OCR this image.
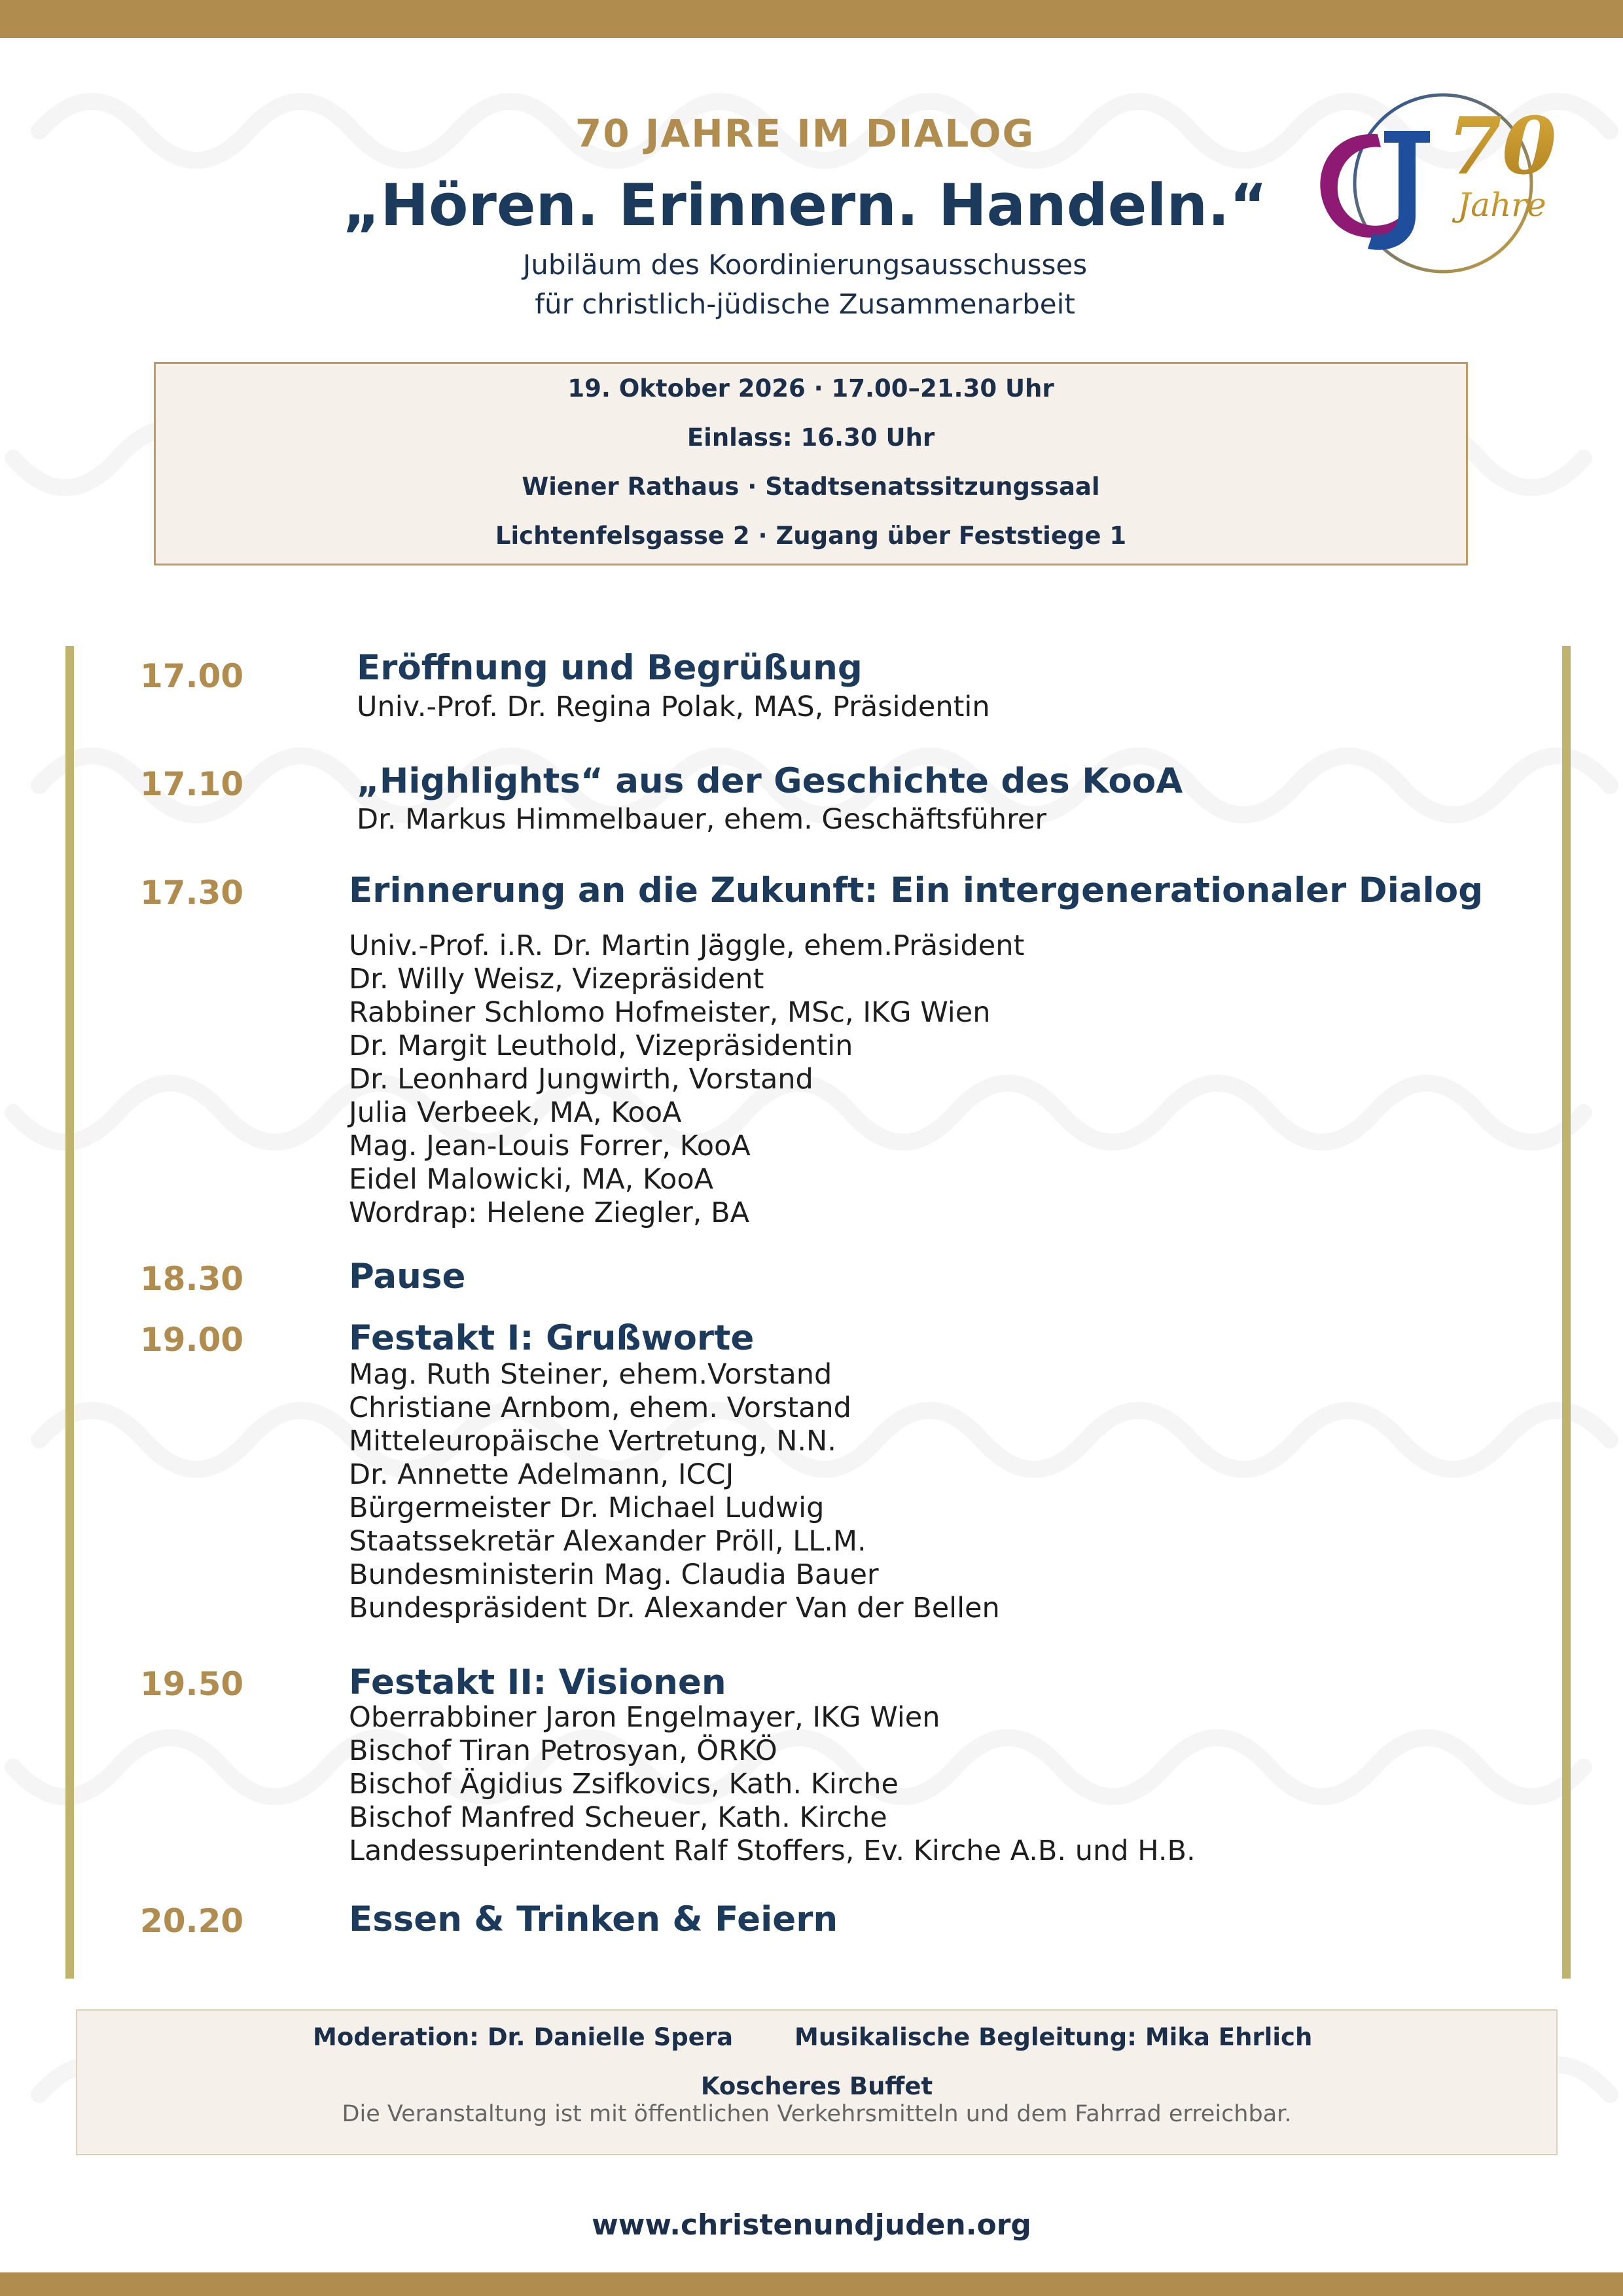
70 JAHRE IM DIALOG
„Hören. Erinnern. Handeln.“
Jubiläum des Koordinierungsausschusses
für christlich-jüdische Zusammenarbeit
70
Jahre
19. Oktober 2026 · 17.00–21.30 Uhr
Einlass: 16.30 Uhr
Wiener Rathaus · Stadtsenatssitzungssaal
Lichtenfelsgasse 2 · Zugang über Feststiege 1
17.00	Eröffnung und Begrüßung
Univ.-Prof. Dr. Regina Polak, MAS, Präsidentin
17.10	„Highlights“ aus der Geschichte des KooA
Dr. Markus Himmelbauer, ehem. Geschäftsführer
17.30	Erinnerung an die Zukunft: Ein intergenerationaler Dialog
Univ.-Prof. i.R. Dr. Martin Jäggle, ehem.Präsident
Dr. Willy Weisz, Vizepräsident
Rabbiner Schlomo Hofmeister, MSc, IKG Wien
Dr. Margit Leuthold, Vizepräsidentin
Dr. Leonhard Jungwirth, Vorstand
Julia Verbeek, MA, KooA
Mag. Jean-Louis Forrer, KooA
Eidel Malowicki, MA, KooA
Wordrap: Helene Ziegler, BA
18.30	Pause
19.00	Festakt I: Grußworte
Mag. Ruth Steiner, ehem.Vorstand
Christiane Arnbom, ehem. Vorstand
Mitteleuropäische Vertretung, N.N.
Dr. Annette Adelmann, ICCJ
Bürgermeister Dr. Michael Ludwig
Staatssekretär Alexander Pröll, LL.M.
Bundesministerin Mag. Claudia Bauer
Bundespräsident Dr. Alexander Van der Bellen
19.50	Festakt II: Visionen
Oberrabbiner Jaron Engelmayer, IKG Wien
Bischof Tiran Petrosyan, ÖRKÖ
Bischof Ägidius Zsifkovics, Kath. Kirche
Bischof Manfred Scheuer, Kath. Kirche
Landessuperintendent Ralf Stoffers, Ev. Kirche A.B. und H.B.
20.20	Essen & Trinken & Feiern
Moderation: Dr. Danielle Spera	Musikalische Begleitung: Mika Ehrlich
Koscheres Buffet
Die Veranstaltung ist mit öffentlichen Verkehrsmitteln und dem Fahrrad erreichbar.
www.christenundjuden.org
